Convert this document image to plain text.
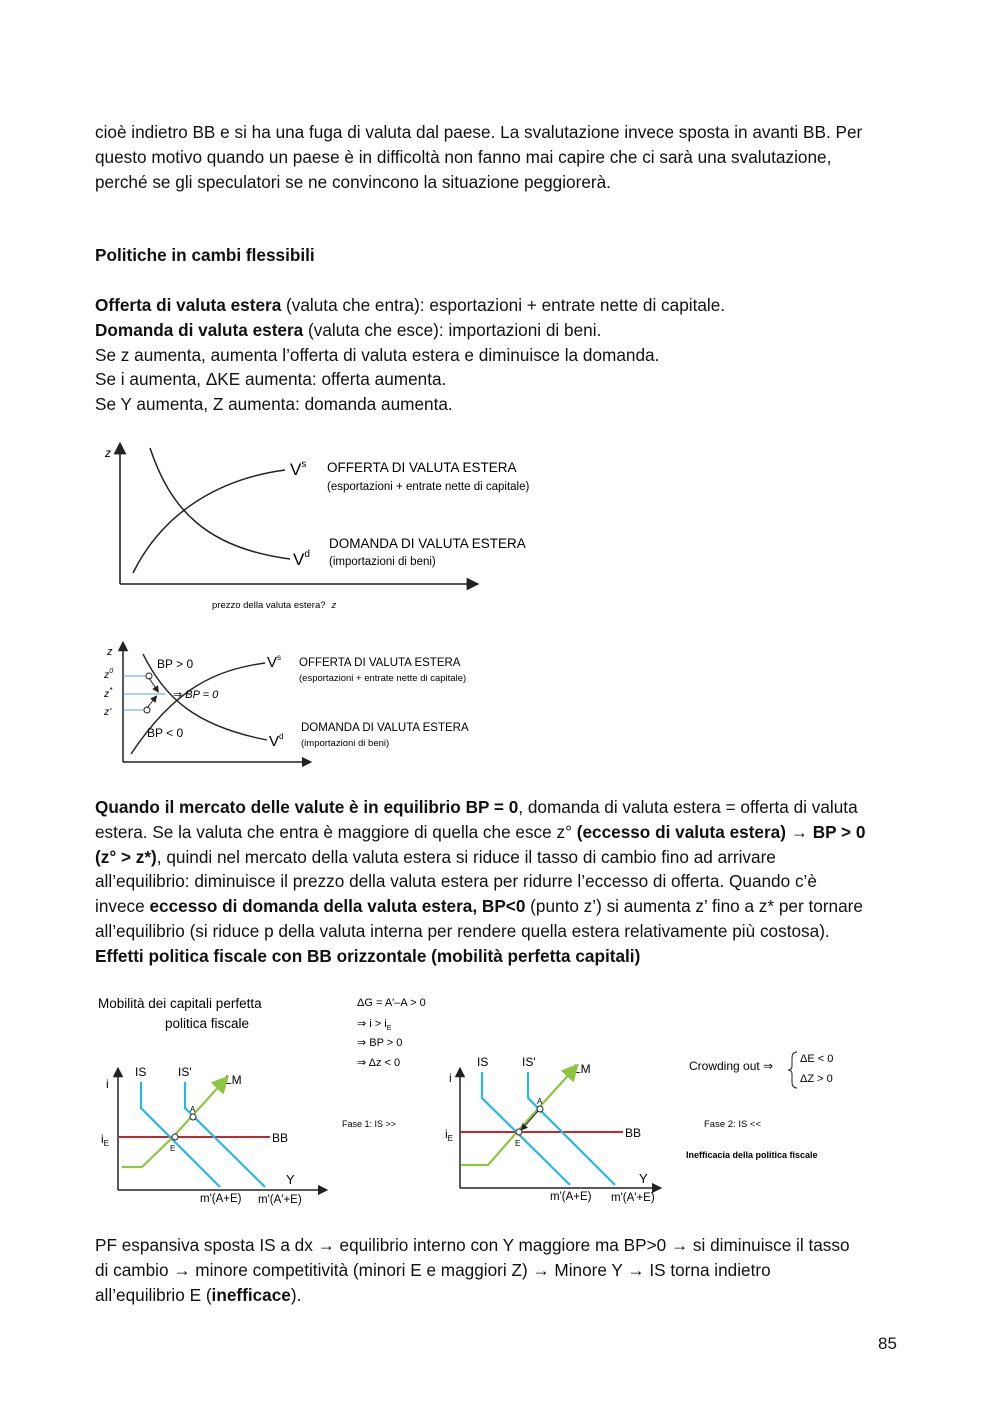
cioè indietro BB e si ha una fuga di valuta dal paese. La svalutazione invece sposta in avanti BB. Per

questo motivo quando un paese è in difficoltà non fanno mai capire che ci sarà una svalutazione,

perché se gli speculatori se ne convincono la situazione peggiorerà.

Politiche in cambi flessibili

Offerta di valuta estera (valuta che entra): esportazioni + entrate nette di capitale.

Domanda di valuta estera (valuta che esce): importazioni di beni.

Se z aumenta, aumenta l’offerta di valuta estera e diminuisce la domanda.

Se i aumenta, ΔKE aumenta: offerta aumenta.

Se Y aumenta, Z aumenta: domanda aumenta.

z
$V^s$
$V^d$
OFFERTA DI VALUTA ESTERA
(esportazioni + entrate nette di capitale)
DOMANDA DI VALUTA ESTERA
(importazioni di beni)
prezzo della valuta estera? z
z
$z^0$
z*
z'
BP > 0
⇒ BP = 0
BP < 0
$V^s$
$V^d$
OFFERTA DI VALUTA ESTERA
(esportazioni + entrate nette di capitale)
DOMANDA DI VALUTA ESTERA
(importazioni di beni)

Quando il mercato delle valute è in equilibrio BP = 0, domanda di valuta estera = offerta di valuta

estera. Se la valuta che entra è maggiore di quella che esce z° (eccesso di valuta estera) → BP > 0

(z° > z*), quindi nel mercato della valuta estera si riduce il tasso di cambio fino ad arrivare

all’equilibrio: diminuisce il prezzo della valuta estera per ridurre l’eccesso di offerta. Quando c’è

invece eccesso di domanda della valuta estera, BP<0 (punto z’) si aumenta z’ fino a z* per tornare

all’equilibrio (si riduce p della valuta interna per rendere quella estera relativamente più costosa).

Effetti politica fiscale con BB orizzontale (mobilità perfetta capitali)

Mobilità dei capitali perfetta
politica fiscale
i
$i_E$
IS	IS'
LM
BB
A
E
Y
m'(A+E) m'(A'+E)
ΔG = A'–A > 0
⇒ $i > i_E$
⇒ BP > 0
⇒ Δz < 0
Fase 1: IS >>
i
$i_E$
IS	IS'	LM
BB
A
E
Y
m'(A+E) m'(A'+E)
Crowding out ⇒ ΔE < 0
ΔZ > 0
Fase 2: IS <<
Inefficacia della politica fiscale

PF espansiva sposta IS a dx → equilibrio interno con Y maggiore ma BP>0 → si diminuisce il tasso

di cambio → minore competitività (minori E e maggiori Z) → Minore Y → IS torna indietro

all’equilibrio E (inefficace).

85
